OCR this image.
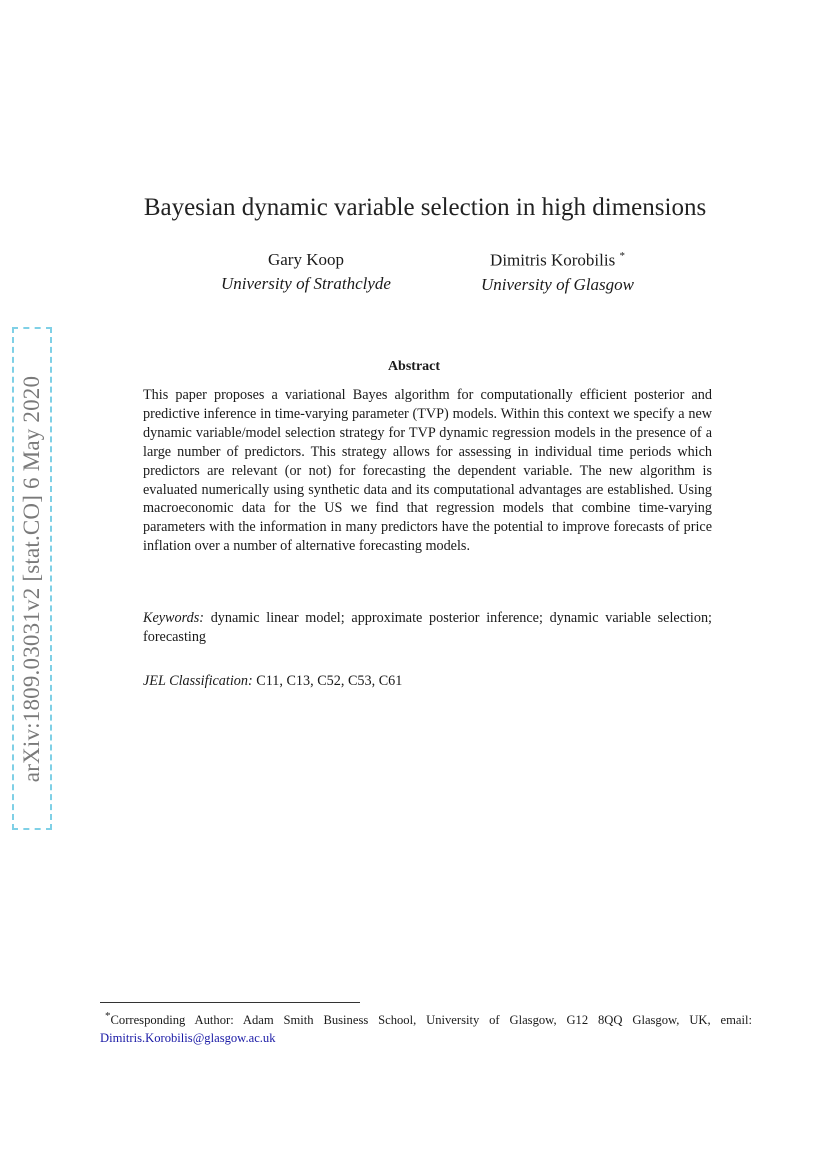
arXiv:1809.03031v2 [stat.CO] 6 May 2020
Bayesian dynamic variable selection in high dimensions
Gary Koop
University of Strathclyde
Dimitris Korobilis *
University of Glasgow
Abstract
This paper proposes a variational Bayes algorithm for computationally efficient posterior and predictive inference in time-varying parameter (TVP) models. Within this context we specify a new dynamic variable/model selection strategy for TVP dynamic regression models in the presence of a large number of predictors. This strategy allows for assessing in individual time periods which predictors are relevant (or not) for forecasting the dependent variable. The new algorithm is evaluated numerically using synthetic data and its computational advantages are established. Using macroeconomic data for the US we find that regression models that combine time-varying parameters with the information in many predictors have the potential to improve forecasts of price inflation over a number of alternative forecasting models.
Keywords: dynamic linear model; approximate posterior inference; dynamic variable selection; forecasting
JEL Classification: C11, C13, C52, C53, C61
*Corresponding Author: Adam Smith Business School, University of Glasgow, G12 8QQ Glasgow, UK, email: Dimitris.Korobilis@glasgow.ac.uk
